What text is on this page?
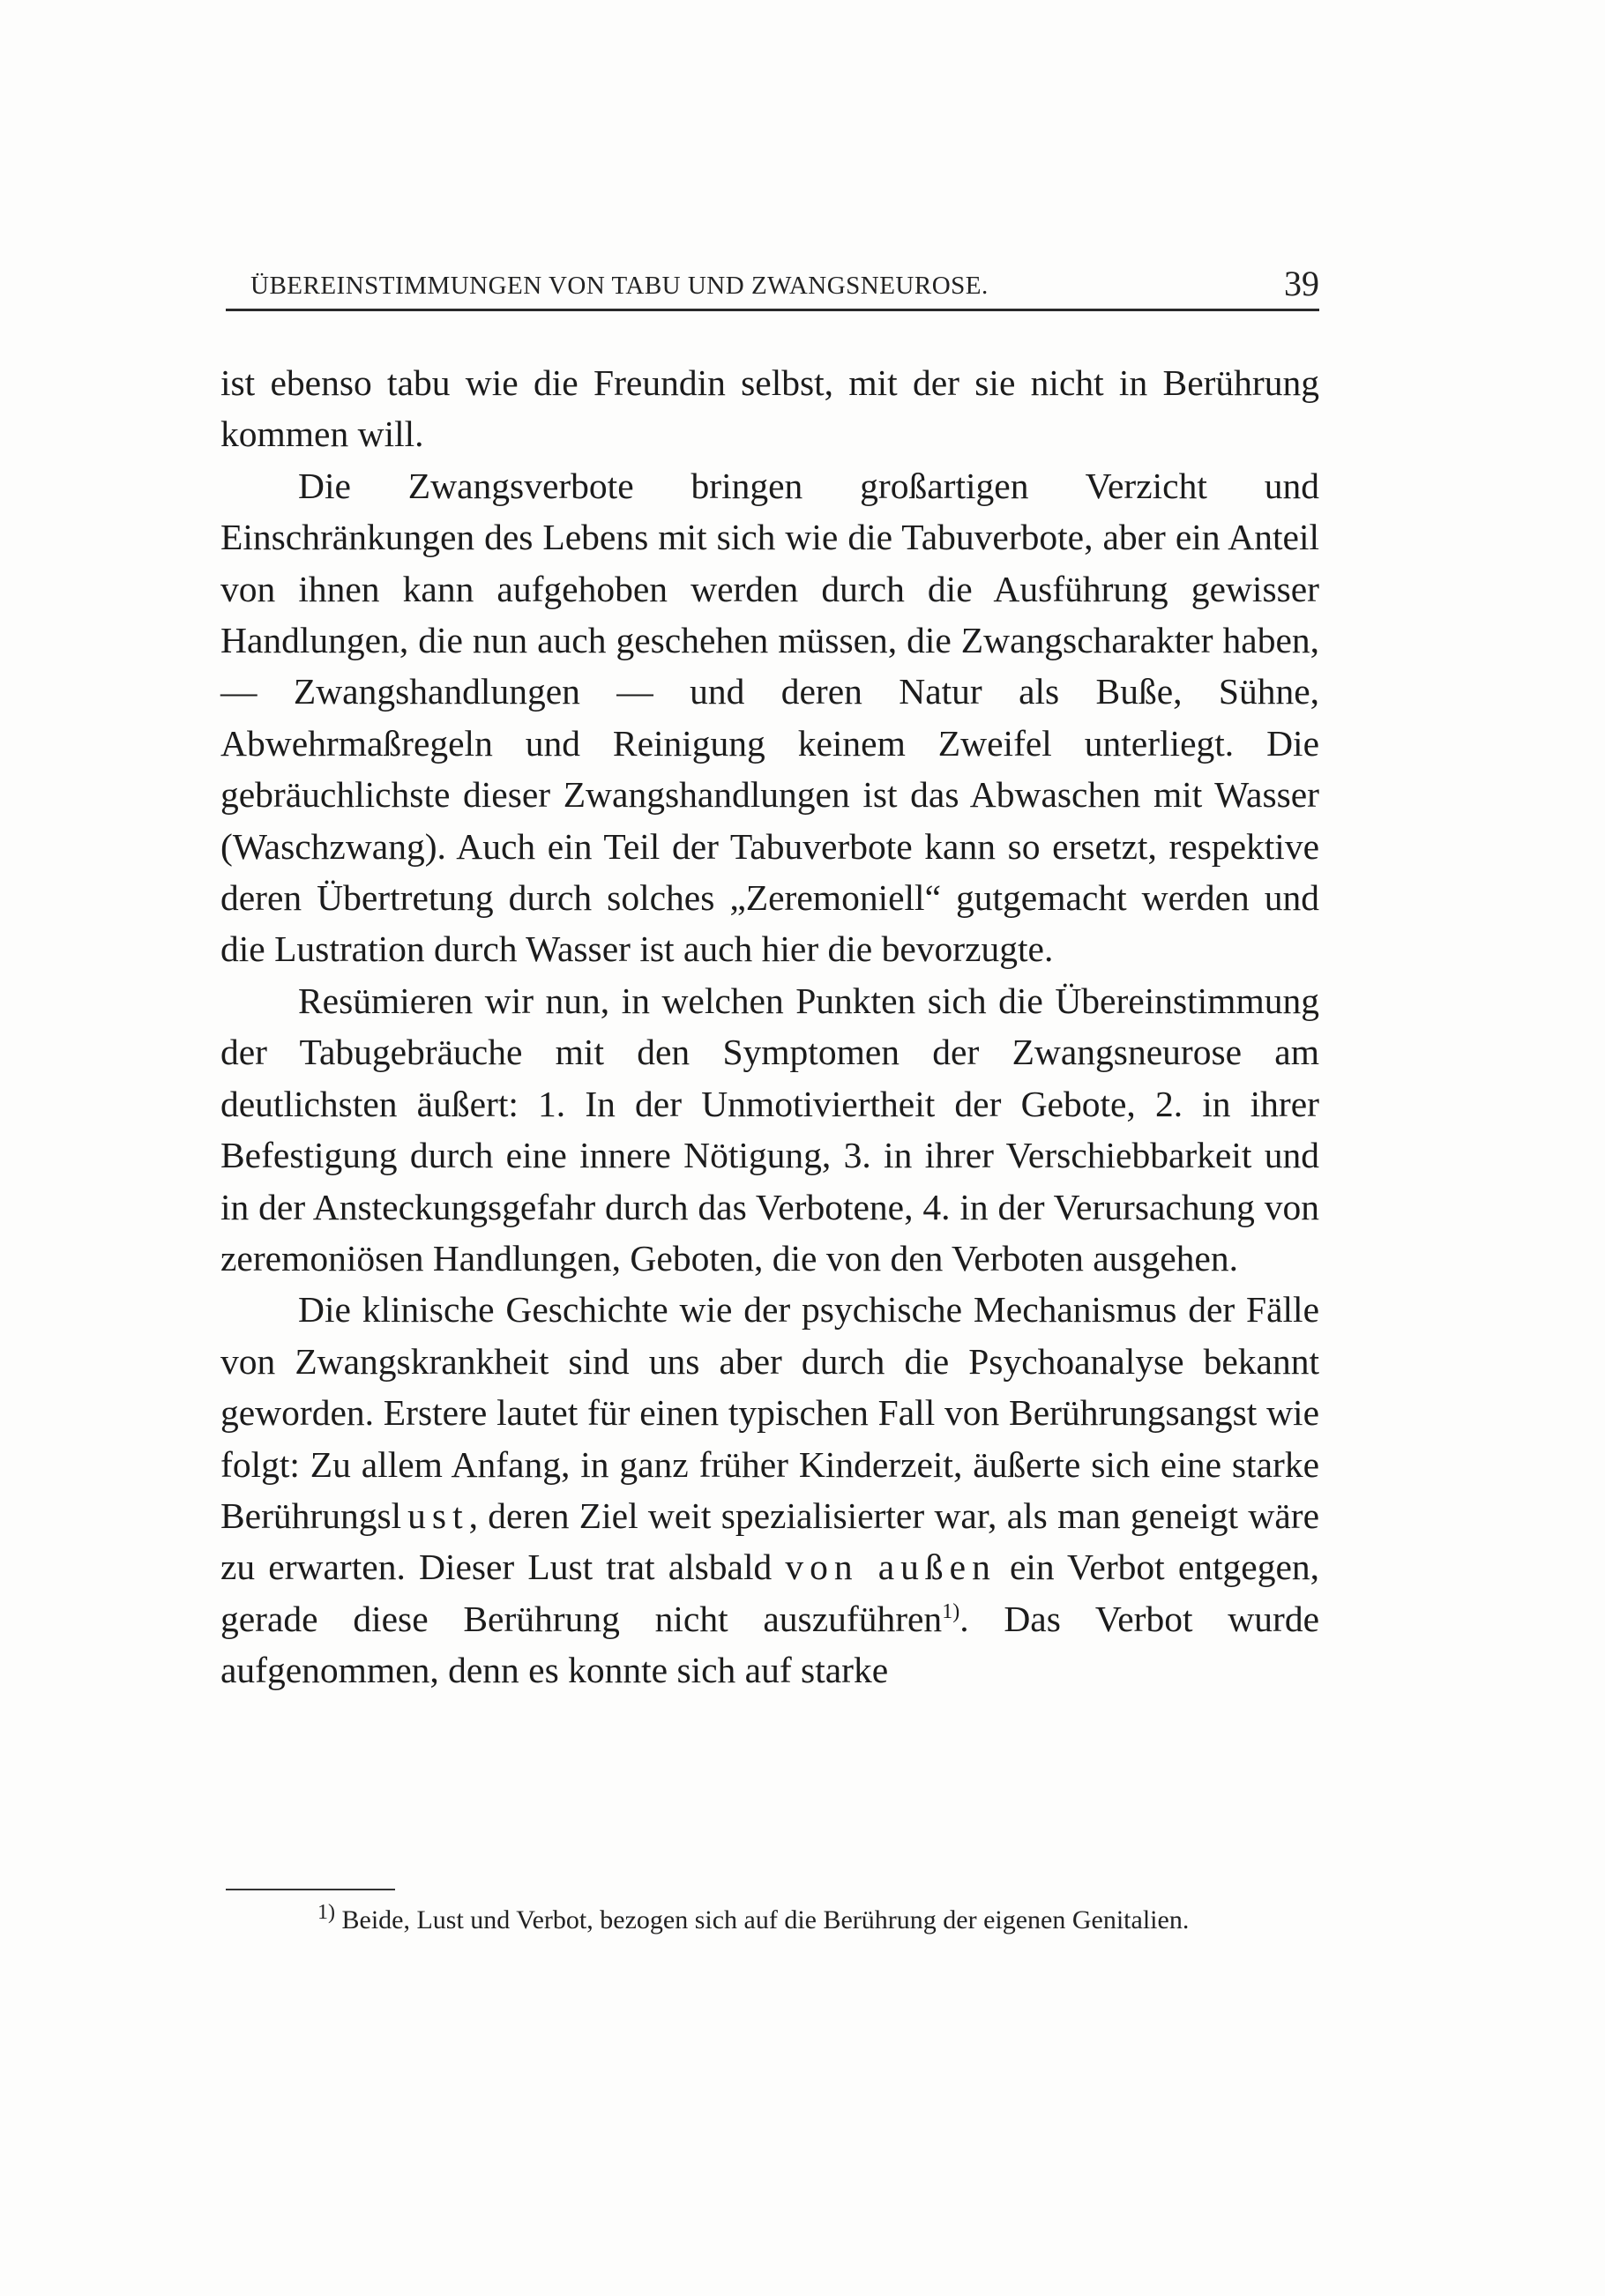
ÜBEREINSTIMMUNGEN VON TABU UND ZWANGSNEUROSE.	39

ist ebenso tabu wie die Freundin selbst, mit der sie nicht in Berührung kommen will.

Die Zwangsverbote bringen großartigen Verzicht und Einschränkungen des Lebens mit sich wie die Tabuverbote, aber ein Anteil von ihnen kann aufgehoben werden durch die Ausführung gewisser Handlungen, die nun auch geschehen müssen, die Zwangscharakter haben, — Zwangshandlungen — und deren Natur als Buße, Sühne, Abwehrmaßregeln und Reinigung keinem Zweifel unterliegt. Die gebräuchlichste dieser Zwangshandlungen ist das Abwaschen mit Wasser (Waschzwang). Auch ein Teil der Tabuverbote kann so ersetzt, respektive deren Übertretung durch solches „Zeremoniell“ gutgemacht werden und die Lustration durch Wasser ist auch hier die bevorzugte.

Resümieren wir nun, in welchen Punkten sich die Übereinstimmung der Tabugebräuche mit den Symptomen der Zwangsneurose am deutlichsten äußert: 1. In der Unmotiviertheit der Gebote, 2. in ihrer Befestigung durch eine innere Nötigung, 3. in ihrer Verschiebbarkeit und in der Ansteckungsgefahr durch das Verbotene, 4. in der Verursachung von zeremoniösen Handlungen, Geboten, die von den Verboten ausgehen.

Die klinische Geschichte wie der psychische Mechanismus der Fälle von Zwangskrankheit sind uns aber durch die Psychoanalyse bekannt geworden. Erstere lautet für einen typischen Fall von Berührungsangst wie folgt: Zu allem Anfang, in ganz früher Kinderzeit, äußerte sich eine starke Berührungslust, deren Ziel weit spezialisierter war, als man geneigt wäre zu erwarten. Dieser Lust trat alsbald von außen ein Verbot entgegen, gerade diese Berührung nicht auszuführen$^{1)}$. Das Verbot wurde aufgenommen, denn es konnte sich auf starke

$^{1)}$ Beide, Lust und Verbot, bezogen sich auf die Berührung der eigenen Genitalien.
